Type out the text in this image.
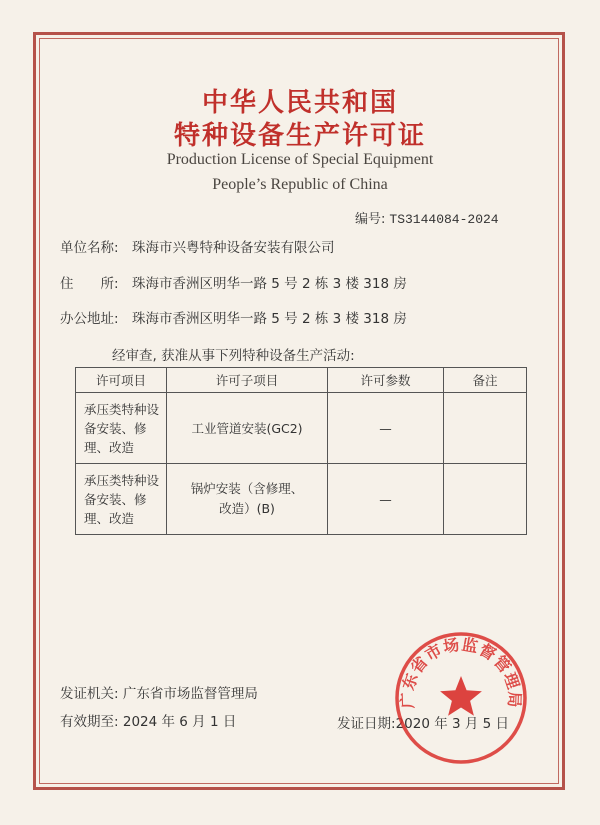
中华人民共和国
特种设备生产许可证
Production License of Special Equipment
People’s Republic of China
编号: TS3144084-2024
单位名称: 珠海市兴粤特种设备安装有限公司
住　　所: 珠海市香洲区明华一路 5 号 2 栋 3 楼 318 房
办公地址: 珠海市香洲区明华一路 5 号 2 栋 3 楼 318 房
经审查, 获准从事下列特种设备生产活动:
许可项目	许可子项目	许可参数	备注
承压类特种设备安装、修理、改造	工业管道安装(GC2)	—	
承压类特种设备安装、修理、改造	锅炉安装（含修理、改造）(B)	—	
发证机关: 广东省市场监督管理局
有效期至: 2024 年 6 月 1 日	发证日期:2020 年 3 月 5 日
广东省市场监督管理局
